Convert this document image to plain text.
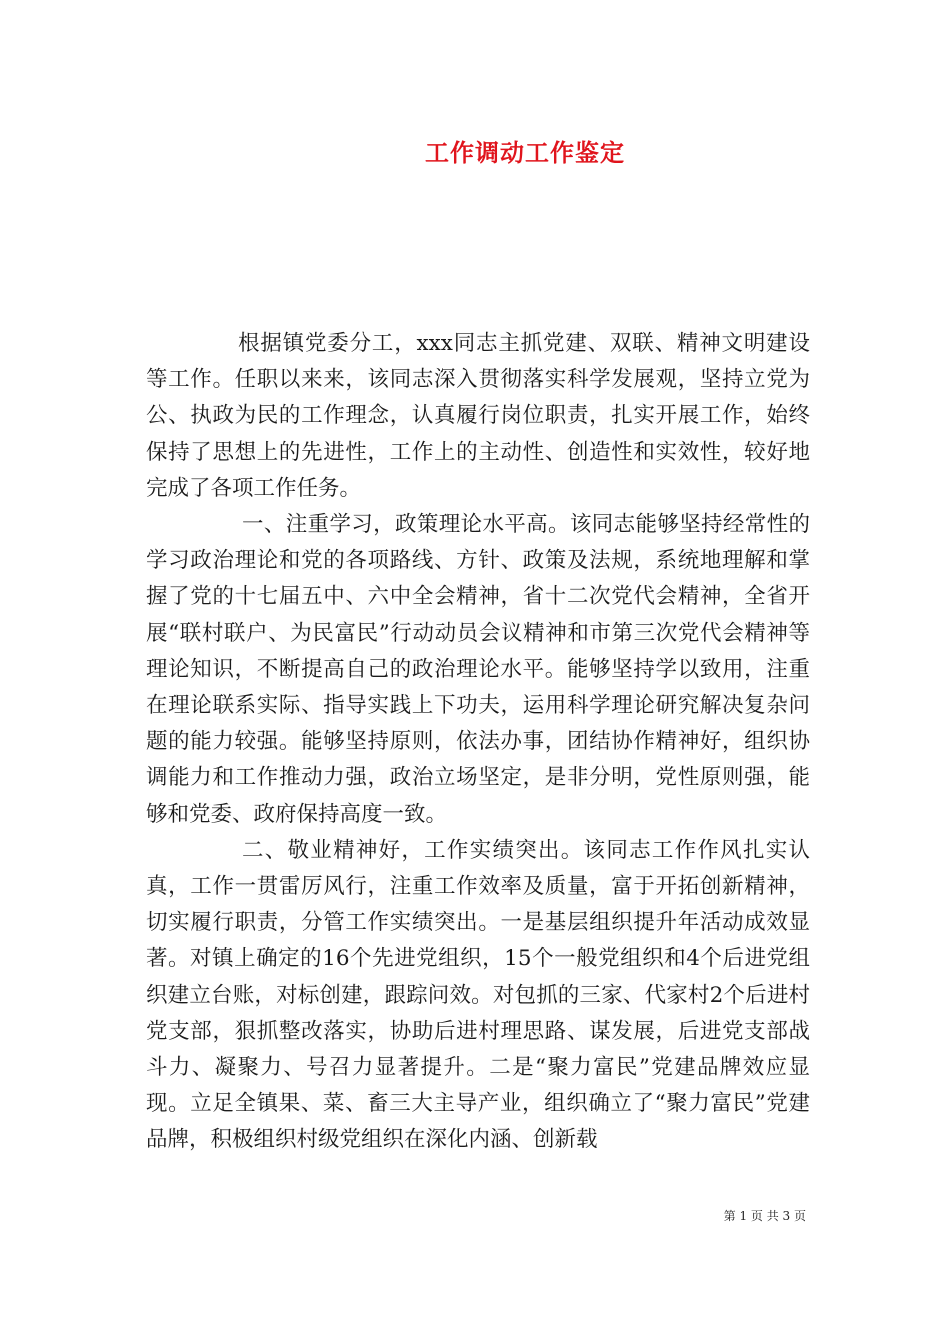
工作调动工作鉴定

根据镇党委分工，xxx同志主抓党建、双联、精神文明建设等工作。任职以来来，该同志深入贯彻落实科学发展观，坚持立党为公、执政为民的工作理念，认真履行岗位职责，扎实开展工作，始终保持了思想上的先进性，工作上的主动性、创造性和实效性，较好地完成了各项工作任务。

一、注重学习，政策理论水平高。该同志能够坚持经常性的学习政治理论和党的各项路线、方针、政策及法规，系统地理解和掌握了党的十七届五中、六中全会精神，省十二次党代会精神，全省开展“联村联户、为民富民”行动动员会议精神和市第三次党代会精神等理论知识，不断提高自己的政治理论水平。能够坚持学以致用，注重在理论联系实际、指导实践上下功夫，运用科学理论研究解决复杂问题的能力较强。能够坚持原则，依法办事，团结协作精神好，组织协调能力和工作推动力强，政治立场坚定，是非分明，党性原则强，能够和党委、政府保持高度一致。

二、敬业精神好，工作实绩突出。该同志工作作风扎实认真，工作一贯雷厉风行，注重工作效率及质量，富于开拓创新精神，切实履行职责，分管工作实绩突出。一是基层组织提升年活动成效显著。对镇上确定的16个先进党组织，15个一般党组织和4个后进党组织建立台账，对标创建，跟踪问效。对包抓的三家、代家村2个后进村党支部，狠抓整改落实，协助后进村理思路、谋发展，后进党支部战斗力、凝聚力、号召力显著提升。二是“聚力富民”党建品牌效应显现。立足全镇果、菜、畜三大主导产业，组织确立了“聚力富民”党建品牌，积极组织村级党组织在深化内涵、创新载

第 1 页 共 3 页
